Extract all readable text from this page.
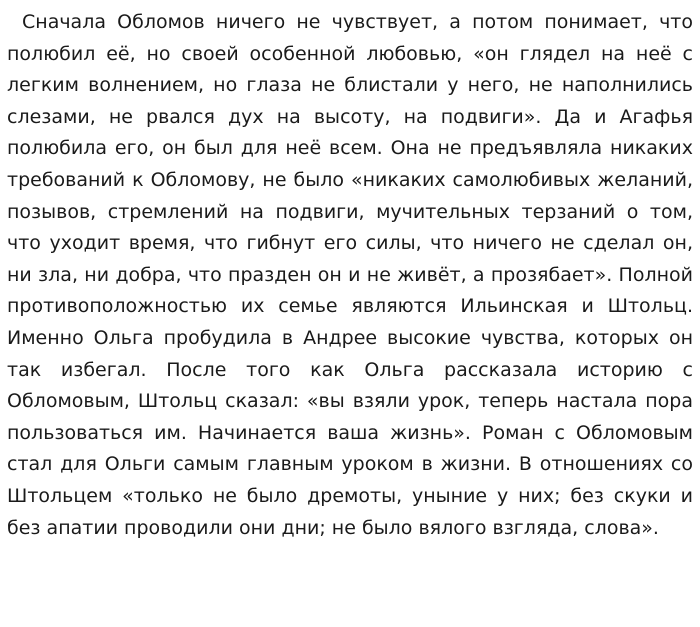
Сначала Обломов ничего не чувствует, а потом понимает, что полюбил её, но своей особенной любовью, «он глядел на неё с легким волнением, но глаза не блистали у него, не наполнились слезами, не рвался дух на высоту, на подвиги». Да и Агафья полюбила его, он был для неё всем. Она не предъявляла никаких требований к Обломову, не было «никаких самолюбивых желаний, позывов, стремлений на подвиги, мучительных терзаний о том, что уходит время, что гибнут его силы, что ничего не сделал он, ни зла, ни добра, что празден он и не живёт, а прозябает». Полной противоположностью их семье являются Ильинская и Штольц. Именно Ольга пробудила в Андрее высокие чувства, которых он так избегал. После того как Ольга рассказала историю с Обломовым, Штольц сказал: «вы взяли урок, теперь настала пора пользоваться им. Начинается ваша жизнь». Роман с Обломовым стал для Ольги самым главным уроком в жизни. В отношениях со Штольцем «только не было дремоты, уныние у них; без скуки и без апатии проводили они дни; не было вялого взгляда, слова».
